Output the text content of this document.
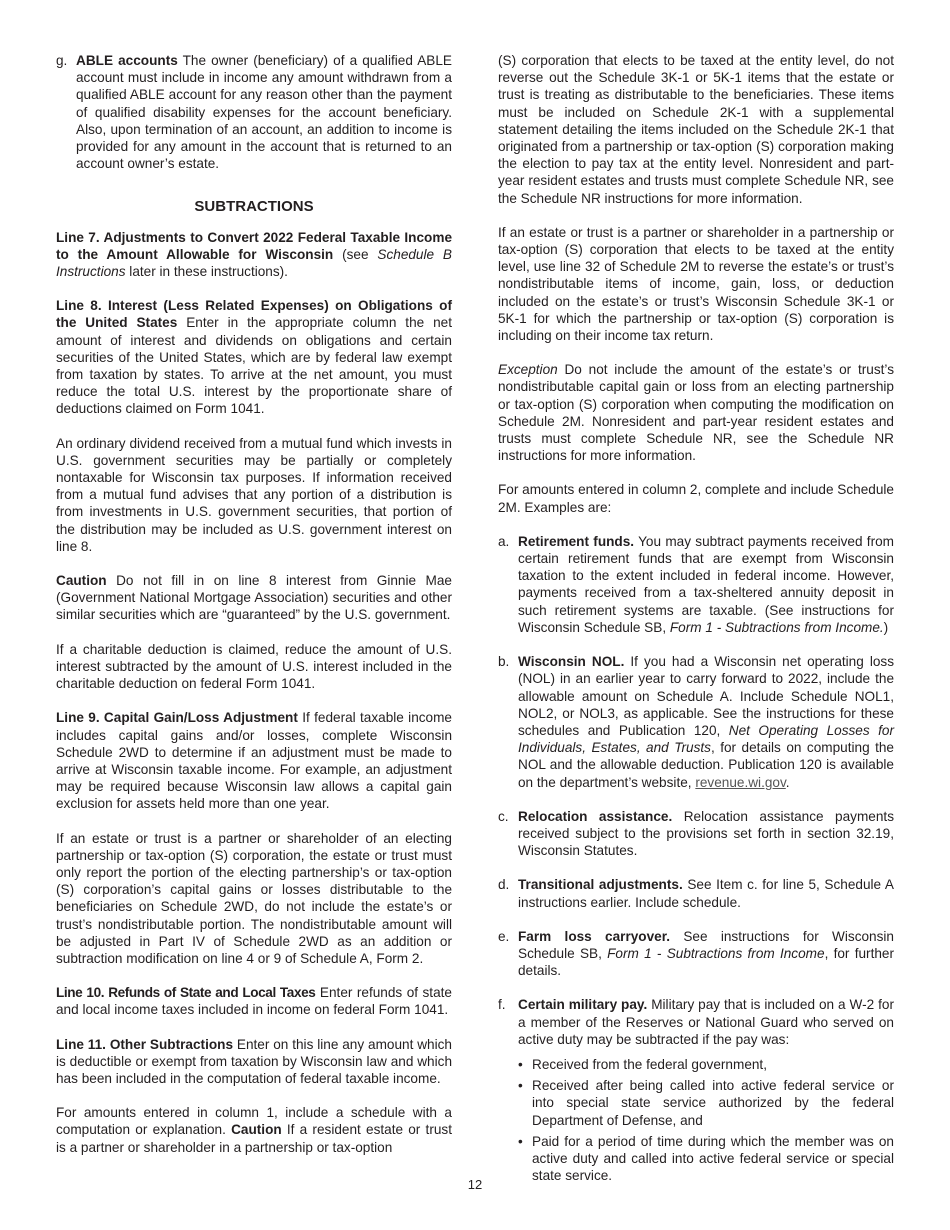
g. ABLE accounts The owner (beneficiary) of a qualified ABLE account must include in income any amount withdrawn from a qualified ABLE account for any reason other than the payment of qualified disability expenses for the account beneficiary. Also, upon termination of an account, an addition to income is provided for any amount in the account that is returned to an account owner’s estate.
SUBTRACTIONS

Line 7. Adjustments to Convert 2022 Federal Taxable Income to the Amount Allowable for Wisconsin (see Schedule B Instructions later in these instructions).

Line 8. Interest (Less Related Expenses) on Obligations of the United States Enter in the appropriate column the net amount of interest and dividends on obligations and certain securities of the United States, which are by federal law exempt from taxation by states. To arrive at the net amount, you must reduce the total U.S. interest by the proportionate share of deductions claimed on Form 1041.

An ordinary dividend received from a mutual fund which invests in U.S. government securities may be partially or completely nontaxable for Wisconsin tax purposes. If information received from a mutual fund advises that any portion of a distribution is from investments in U.S. government securities, that portion of the distribution may be included as U.S. government interest on line 8.

Caution Do not fill in on line 8 interest from Ginnie Mae (Government National Mortgage Association) securities and other similar securities which are “guaranteed” by the U.S. government.

If a charitable deduction is claimed, reduce the amount of U.S. interest subtracted by the amount of U.S. interest included in the charitable deduction on federal Form 1041.

Line 9. Capital Gain/Loss Adjustment If federal taxable income includes capital gains and/or losses, complete Wisconsin Schedule 2WD to determine if an adjustment must be made to arrive at Wisconsin taxable income. For example, an adjustment may be required because Wisconsin law allows a capital gain exclusion for assets held more than one year.

If an estate or trust is a partner or shareholder of an electing partnership or tax-option (S) corporation, the estate or trust must only report the portion of the electing partnership’s or tax-option (S) corporation’s capital gains or losses distributable to the beneficiaries on Schedule 2WD, do not include the estate’s or trust’s nondistributable portion. The nondistributable amount will be adjusted in Part IV of Schedule 2WD as an addition or subtraction modification on line 4 or 9 of Schedule A, Form 2.

Line 10. Refunds of State and Local Taxes Enter refunds of state and local income taxes included in income on federal Form 1041.

Line 11. Other Subtractions Enter on this line any amount which is deductible or exempt from taxation by Wisconsin law and which has been included in the computation of federal taxable income.

For amounts entered in column 1, include a schedule with a computation or explanation. Caution If a resident estate or trust is a partner or shareholder in a partnership or tax-option

(S) corporation that elects to be taxed at the entity level, do not reverse out the Schedule 3K-1 or 5K-1 items that the estate or trust is treating as distributable to the beneficiaries. These items must be included on Schedule 2K-1 with a supplemental statement detailing the items included on the Schedule 2K-1 that originated from a partnership or tax-option (S) corporation making the election to pay tax at the entity level. Nonresident and part-year resident estates and trusts must complete Schedule NR, see the Schedule NR instructions for more information.

If an estate or trust is a partner or shareholder in a partnership or tax-option (S) corporation that elects to be taxed at the entity level, use line 32 of Schedule 2M to reverse the estate’s or trust’s nondistributable items of income, gain, loss, or deduction included on the estate’s or trust’s Wisconsin Schedule 3K-1 or 5K-1 for which the partnership or tax-option (S) corporation is including on their income tax return.

Exception Do not include the amount of the estate’s or trust’s nondistributable capital gain or loss from an electing partnership or tax-option (S) corporation when computing the modification on Schedule 2M. Nonresident and part-year resident estates and trusts must complete Schedule NR, see the Schedule NR instructions for more information.

For amounts entered in column 2, complete and include Schedule 2M. Examples are:

a. Retirement funds. You may subtract payments received from certain retirement funds that are exempt from Wisconsin taxation to the extent included in federal income. However, payments received from a tax-sheltered annuity deposit in such retirement systems are taxable. (See instructions for Wisconsin Schedule SB, Form 1 - Subtractions from Income.)
b. Wisconsin NOL. If you had a Wisconsin net operating loss (NOL) in an earlier year to carry forward to 2022, include the allowable amount on Schedule A. Include Schedule NOL1, NOL2, or NOL3, as applicable. See the instructions for these schedules and Publication 120, Net Operating Losses for Individuals, Estates, and Trusts, for details on computing the NOL and the allowable deduction. Publication 120 is available on the department’s website, revenue.wi.gov.
c. Relocation assistance. Relocation assistance payments received subject to the provisions set forth in section 32.19, Wisconsin Statutes.
d. Transitional adjustments. See Item c. for line 5, Schedule A instructions earlier. Include schedule.
e. Farm loss carryover. See instructions for Wisconsin Schedule SB, Form 1 - Subtractions from Income, for further details.
f. Certain military pay. Military pay that is included on a W-2 for a member of the Reserves or National Guard who served on active duty may be subtracted if the pay was:
• Received from the federal government,
• Received after being called into active federal service or into special state service authorized by the federal Department of Defense, and
• Paid for a period of time during which the member was on active duty and called into active federal service or special state service.
12
